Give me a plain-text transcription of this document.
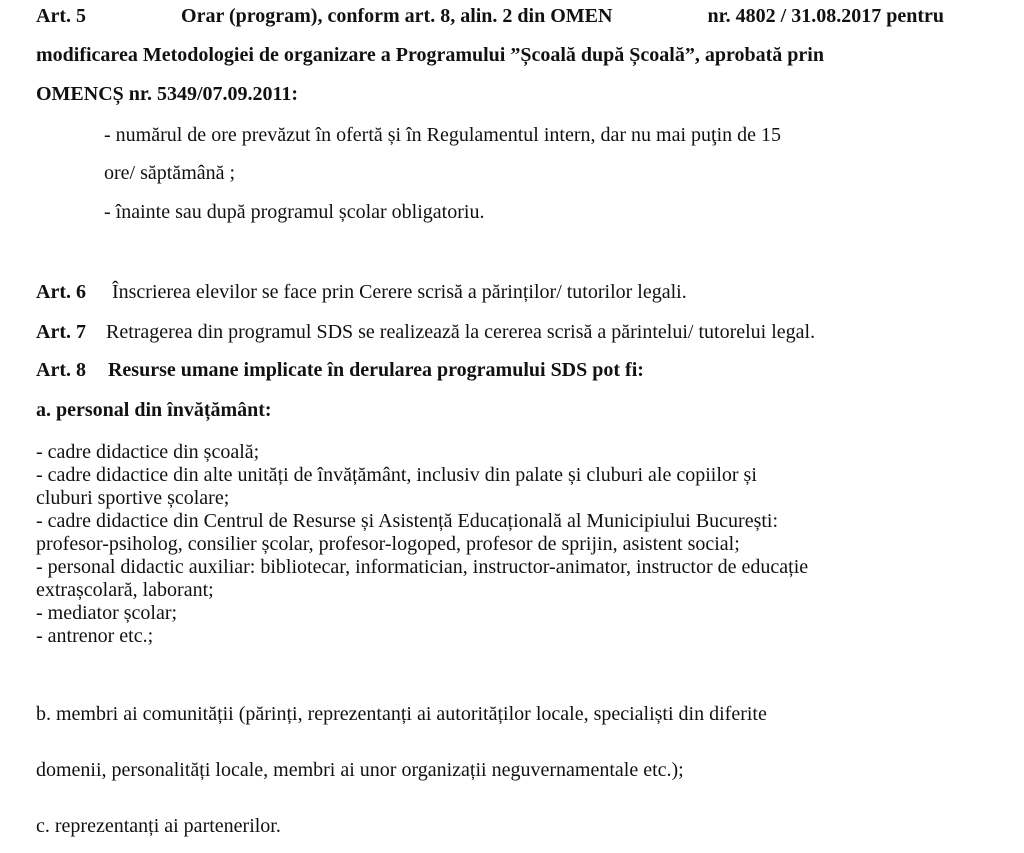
Art. 5	Orar (program), conform art. 8, alin. 2 din OMEN	nr. 4802 / 31.08.2017 pentru
modificarea Metodologiei de organizare a Programului ”Școală după Școală”, aprobată prin
OMENCȘ nr. 5349/07.09.2011:
- numărul de ore prevăzut în ofertă și în Regulamentul intern, dar nu mai puţin de 15
ore/ săptămână ;
- înainte sau după programul școlar obligatoriu.
Art. 6 Înscrierea elevilor se face prin Cerere scrisă a părinților/ tutorilor legali.
Art. 7 Retragerea din programul SDS se realizează la cererea scrisă a părintelui/ tutorelui legal.
Art. 8 Resurse umane implicate în derularea programului SDS pot fi:
a. personal din învățământ:
- cadre didactice din școală;
- cadre didactice din alte unități de învățământ, inclusiv din palate și cluburi ale copiilor și
cluburi sportive școlare;
- cadre didactice din Centrul de Resurse și Asistență Educațională al Municipiului București:
profesor-psiholog, consilier școlar, profesor-logoped, profesor de sprijin, asistent social;
- personal didactic auxiliar: bibliotecar, informatician, instructor-animator, instructor de educație
extrașcolară, laborant;
- mediator școlar;
- antrenor etc.;
b. membri ai comunității (părinți, reprezentanți ai autorităților locale, specialiști din diferite
domenii, personalități locale, membri ai unor organizații neguvernamentale etc.);
c. reprezentanți ai partenerilor.
